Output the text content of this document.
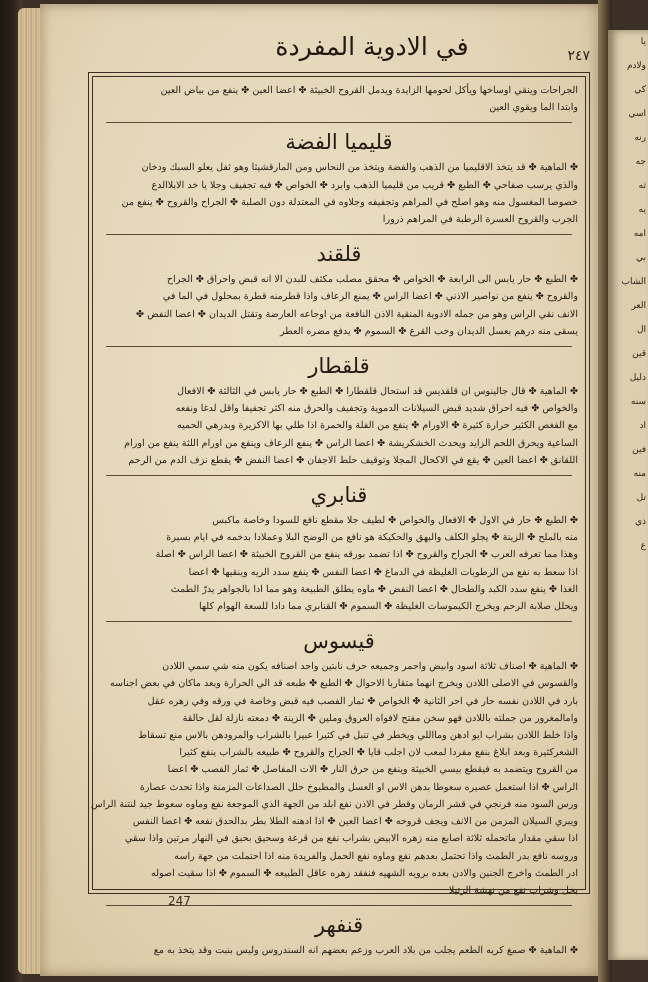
يا
ولادم
كي
اسي
رنه
جه
ثه
يه
امه
بي
الشاب
العر
ال
قين
دليل
سنه
اد
فين
منه
تل
ذي
ع
في الادوية المفردة	٢٤٧
الجراحات وينقي اوساخها ويأكل لحومها الزايدة ويدمل القروح الخبيثة ✤ اعضا العين ✤ ينفع من بياض العين
وابتدا الما ويقوي العين
قليميا الفضة
✤ الماهية ✤ قد يتخذ الاقليميا من الذهب والفضة ويتخذ من النحاس ومن المارقشيثا وهو ثفل يعلو السبك ودخان
والذي يرسب صفاحي ✤ الطبع ✤ قريب من قليميا الذهب وابرد ✤ الخواص ✤ فيه تجفيف وجلا يا خد الابلاالدع
خصوصا المغسول منه وهو اصلح في المراهم وتجفيفه وجلاوه في المعتدلة دون الصلبة ✤ الجراح والقروح ✤ ينفع من
الجرب والقروح العسرة الرطبة في المراهم ذرورا
قلقند
✤ الطبع ✤ حار يابس الى الرابعة ✤ الخواص ✤ محقق مصلب مكثف للبدن الا انه قبض واحراق ✤ الجراح
والقروح ✤ ينفع من نواصير الاذني ✤ اعضا الراس ✤ يمنع الرعاف واذا قطرمنه قطرة بمحلول في الما في
الانف نقي الراس وهو من جمله الادوية المنقية الاذن النافعة من اوجاعه العارضة وتقتل الديدان ✤ اعضا النفض ✤
يسقى منه درهم بعسل الديدان وحب القرع ✤ السموم ✤ يدفع مضره العطر
قلقطار
✤ الماهية ✤ قال جالينوس ان قلقديس قد استحال قلقطارا ✤ الطبع ✤ حار يابس في الثالثة ✤ الافعال
والخواص ✤ فيه احراق شديد قبض السيلانات الدموية وتجفيف والحرق منه اكثر تجفيفا واقل لدغا ونفعه
مع الفغص الكثير حرارة كثيرة ✤ الاورام ✤ ينفع من الفلة والحمرة اذا طلي بها الاكزيرة وبدرهي الحميه
الساعية ويحرق اللحم الزايد ويحدث الخشكريشة ✤ اعضا الراس ✤ ينفع الرعاف وينفع من اورام اللثة ينفع من اورام
اللقانق ✤ اعضا العين ✤ يقع في الاكحال المجلا وتوقيف حلط الاجفان ✤ اعضا النفض ✤ يقطع نزف الدم من الرحم
قنابري
✤ الطبع ✤ حار في الاول ✤ الافعال والخواص ✤ لطيف جلا مقطع نافع للسودا وخاصة ماكبس
منه بالملح ✤ الزينة ✤ يجلو الكلف والبهق والحكيكة هو نافع من الوضح البلا وعملادا بدخمه في ايام بسيرة
وهذا مما تعرفه العرب ✤ الجراح والقروح ✤ اذا تضمد بورقه ينفع من القروح الخبيثة ✤ اعضا الراس ✤ اصلة
اذا سعط به نفع من الرطوبات الغليظة في الدماغ ✤ اعضا النفس ✤ ينفع سدد الريه وينقيها ✤ اعضا
الغذا ✤ ينفع سدد الكبد والطحال ✤ اعضا النفض ✤ ماوه يطلق الطبيعة وهو مما ادا بالجواهر يدرّ الطمث
ويحلل صلابة الرحم ويخرج الكيموسات الغليظة ✤ السموم ✤ القنابري مما دادا للسعة الهوام كلها
قيسوس
✤ الماهية ✤ اصناف ثلاثة اسود وابيض واحمر وجميعه حرف نابتين واحد اصنافه يكون منه شي سمي اللادن
والقسوس في الاصلى اللادن ويخرج انهما متقاربا الاحوال ✤ الطبع ✤ طبعه قد الي الحرارة وبعد ماكان في بعض اجناسه
بارد في اللادن نفسه حار في احر الثانية ✤ الخواص ✤ ثمار الفصب فيه قبض وخاصة في ورقه وفي زهره عقل
وامالمغرور من جملته باللادن فهو سخن مفتح لافواه العروق وملين ✤ الزينة ✤ دمعته نازلة لقل حالقة
واذا خلط اللادن بشراب ايو ادهن ومااللي ويخطر في تنبل في كثيرا عبيرا بالشراب والمرودهن بالاس منع تسقاط
الشعركثيرة وبعد ابلاغ بنفع مفردا لمعب لان اجلب قايا ✤ الجراح والقروح ✤ طبيعه بالشراب ينفع كثيرا
من القروح ويتضمد به فيقطع بيسي الخبيثة وينفع من حرق النار ✤ الات المفاصل ✤ ثمار الفصب ✤ اعضا
الراس ✤ اذا استعمل عصيره سعوطا بدهن الاس او العسل والمطبوخ حلل الصداعات المزمنة واذا تحدث عصارة
ورس السود منه فرنجي في قشر الرمان وقطر في الاذن نفع ابلد من الجهة الذي الموجعة نفع وماوه سعوط جيد لنتنة الراس
ويبري السيلان المزمن من الانف ويجف قروحه ✤ اعضا العين ✤ اذا ادهنه الطلا بطر بدالحدق نفعه ✤ اعضا النفس
اذا سقي مقدار ماتحمله ثلاثة اصابع منه زهره الابيض بشراب نفع من قرعة وسحيق بحبق في النهار مرتين واذا سقي
وروسه نافع بدر الطمث واذا تحتمل بعدهم نفع وماوه نفع الحمل والفريدة منه اذا احتملت من جهة راسه
ادر الطمث واخرج الجنين والادن بعده برويه الشهيه فنفقد زهره عاقل الطبيعه ✤ السموم ✤ اذا سقيت اصوله
بخل وشراب نفع من نهشة الرتيلا
قنفهر
✤ الماهية ✤ صمغ كريه الطعم يجلب من بلاد العرب وزعم بعضهم انه السندروس وليس بنبت وقد يتخذ به مع
247
